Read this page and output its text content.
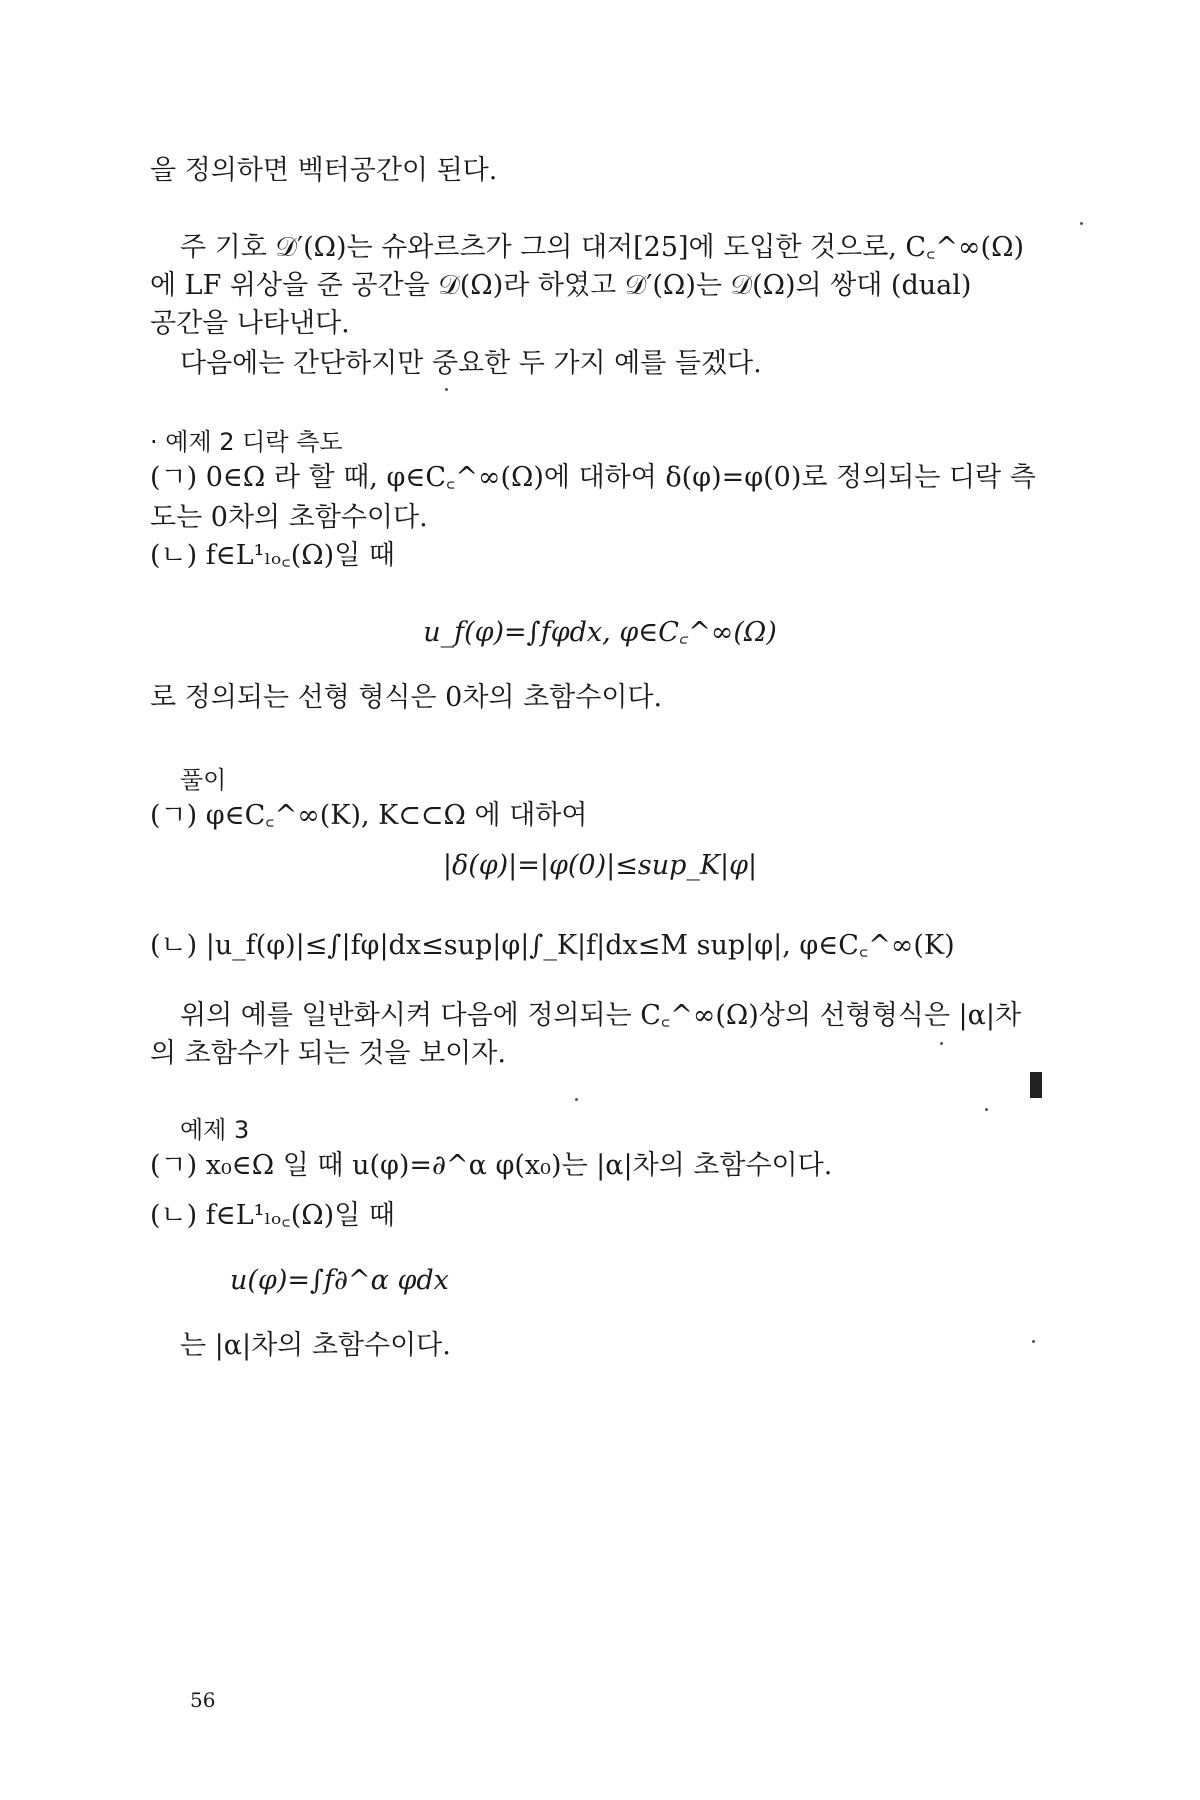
을 정의하면 벡터공간이 된다.
주 기호 𝒟′(Ω)는 슈와르츠가 그의 대저[25]에 도입한 것으로, C꜀^∞(Ω)
에 LF 위상을 준 공간을 𝒟(Ω)라 하였고 𝒟′(Ω)는 𝒟(Ω)의 쌍대 (dual)
공간을 나타낸다.
다음에는 간단하지만 중요한 두 가지 예를 들겠다.
· 예제 2 디락 측도
(ㄱ) 0∈Ω 라 할 때, φ∈C꜀^∞(Ω)에 대하여 δ(φ)=φ(0)로 정의되는 디락 측
도는 0차의 초함수이다.
(ㄴ) f∈L¹ₗₒ꜀(Ω)일 때
u_f(φ)=∫fφdx, φ∈C꜀^∞(Ω)
로 정의되는 선형 형식은 0차의 초함수이다.
풀이
(ㄱ) φ∈C꜀^∞(K), K⊂⊂Ω 에 대하여
|δ(φ)|=|φ(0)|≤sup_K|φ|
(ㄴ) |u_f(φ)|≤∫|fφ|dx≤sup|φ|∫_K|f|dx≤M sup|φ|, φ∈C꜀^∞(K)
위의 예를 일반화시켜 다음에 정의되는 C꜀^∞(Ω)상의 선형형식은 |α|차
의 초함수가 되는 것을 보이자.
예제 3
(ㄱ) x₀∈Ω 일 때 u(φ)=∂^α φ(x₀)는 |α|차의 초함수이다.
(ㄴ) f∈L¹ₗₒ꜀(Ω)일 때
u(φ)=∫f∂^α φdx
는 |α|차의 초함수이다.
56
